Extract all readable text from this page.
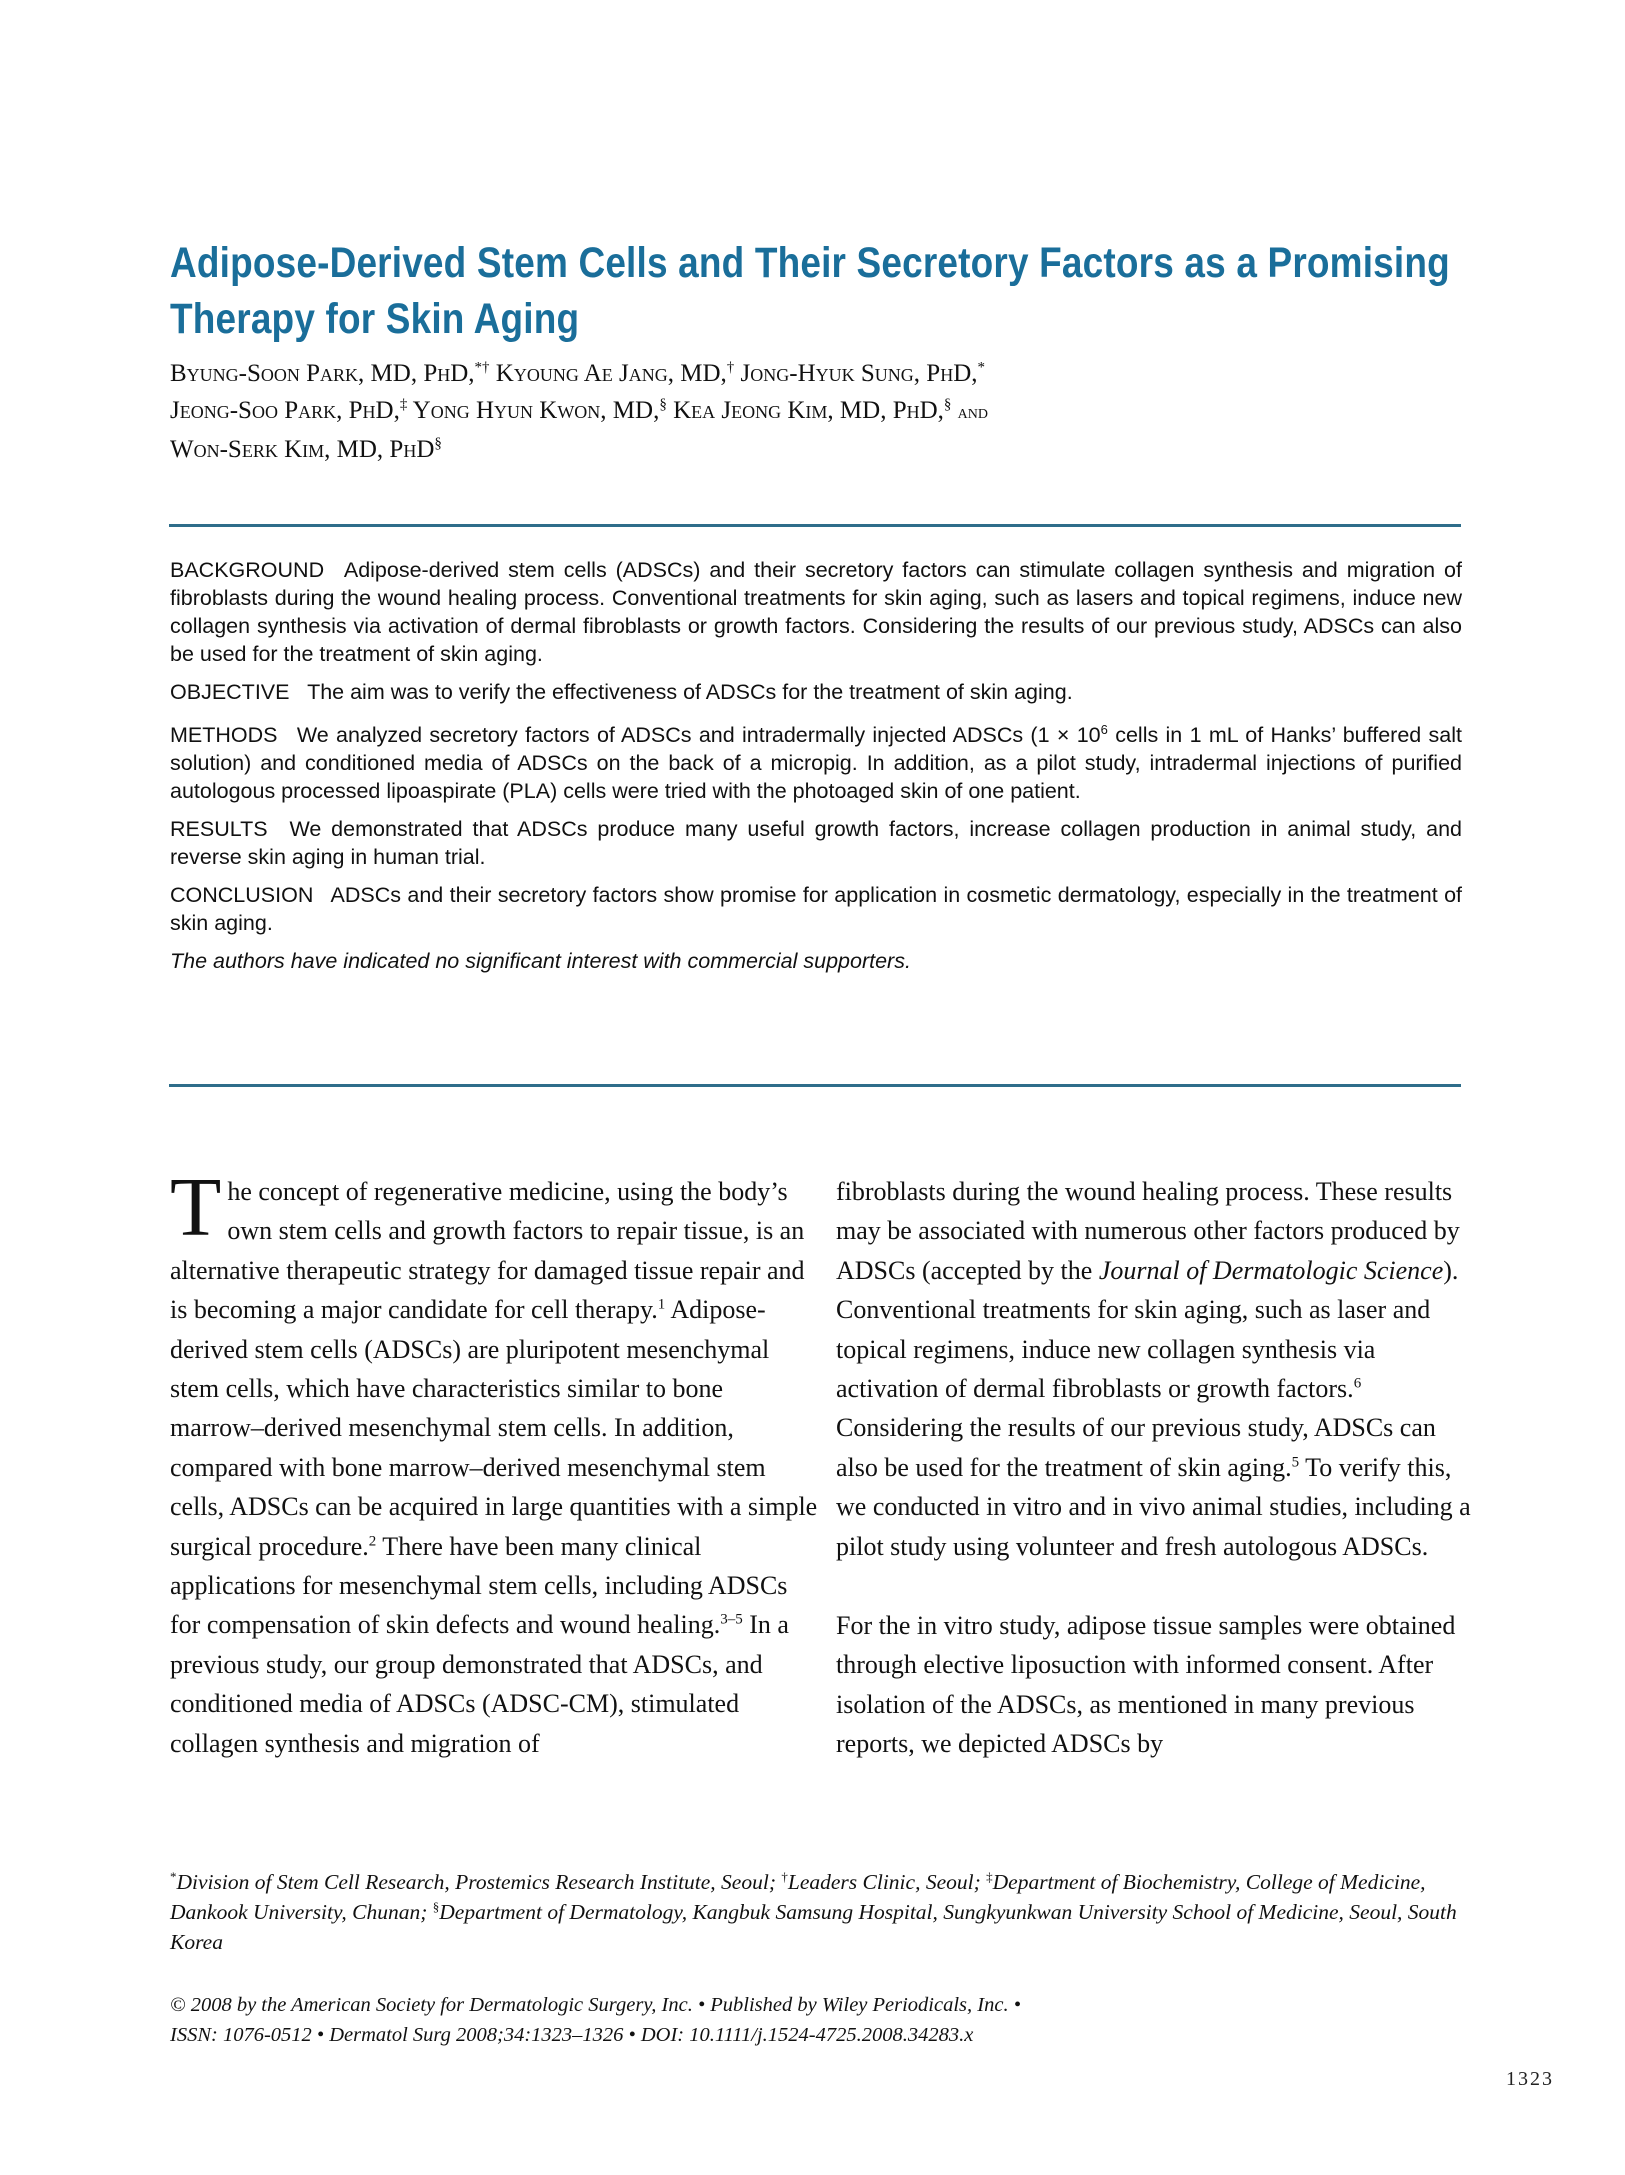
Adipose-Derived Stem Cells and Their Secretory Factors as a Promising Therapy for Skin Aging
Byung-Soon Park, MD, PhD,*† Kyoung Ae Jang, MD,† Jong-Hyuk Sung, PhD,*
Jeong-Soo Park, PhD,‡ Yong Hyun Kwon, MD,§ Kea Jeong Kim, MD, PhD,§ and
Won-Serk Kim, MD, PhD§

BACKGROUND Adipose-derived stem cells (ADSCs) and their secretory factors can stimulate collagen synthesis and migration of fibroblasts during the wound healing process. Conventional treatments for skin aging, such as lasers and topical regimens, induce new collagen synthesis via activation of dermal fibroblasts or growth factors. Considering the results of our previous study, ADSCs can also be used for the treatment of skin aging.

OBJECTIVE The aim was to verify the effectiveness of ADSCs for the treatment of skin aging.

METHODS We analyzed secretory factors of ADSCs and intradermally injected ADSCs ($1 \times 10^6$ cells in 1 mL of Hanks’ buffered salt solution) and conditioned media of ADSCs on the back of a micropig. In addition, as a pilot study, intradermal injections of purified autologous processed lipoaspirate (PLA) cells were tried with the photoaged skin of one patient.

RESULTS We demonstrated that ADSCs produce many useful growth factors, increase collagen production in animal study, and reverse skin aging in human trial.

CONCLUSION ADSCs and their secretory factors show promise for application in cosmetic dermatology, especially in the treatment of skin aging.

The authors have indicated no significant interest with commercial supporters.

The concept of regenerative medicine, using the body’s own stem cells and growth factors to repair tissue, is an alternative therapeutic strategy for damaged tissue repair and is becoming a major candidate for cell therapy.$^1$ Adipose-derived stem cells (ADSCs) are pluripotent mesenchymal stem cells, which have characteristics similar to bone marrow–derived mesenchymal stem cells. In addition, compared with bone marrow–derived mesenchymal stem cells, ADSCs can be acquired in large quantities with a simple surgical procedure.$^2$ There have been many clinical applications for mesenchymal stem cells, including ADSCs for compensation of skin defects and wound healing.$^{3-5}$ In a previous study, our group demonstrated that ADSCs, and conditioned media of ADSCs (ADSC-CM), stimulated collagen synthesis and migration of

fibroblasts during the wound healing process. These results may be associated with numerous other factors produced by ADSCs (accepted by the Journal of Dermatologic Science). Conventional treatments for skin aging, such as laser and topical regimens, induce new collagen synthesis via activation of dermal fibroblasts or growth factors.$^6$ Considering the results of our previous study, ADSCs can also be used for the treatment of skin aging.$^5$ To verify this, we conducted in vitro and in vivo animal studies, including a pilot study using volunteer and fresh autologous ADSCs.

For the in vitro study, adipose tissue samples were obtained through elective liposuction with informed consent. After isolation of the ADSCs, as mentioned in many previous reports, we depicted ADSCs by

*Division of Stem Cell Research, Prostemics Research Institute, Seoul; †Leaders Clinic, Seoul; ‡Department of Biochemistry, College of Medicine, Dankook University, Chunan; §Department of Dermatology, Kangbuk Samsung Hospital, Sungkyunkwan University School of Medicine, Seoul, South Korea
© 2008 by the American Society for Dermatologic Surgery, Inc. • Published by Wiley Periodicals, Inc. •
ISSN: 1076-0512 • Dermatol Surg 2008;34:1323–1326 • DOI: 10.1111/j.1524-4725.2008.34283.x
1323
